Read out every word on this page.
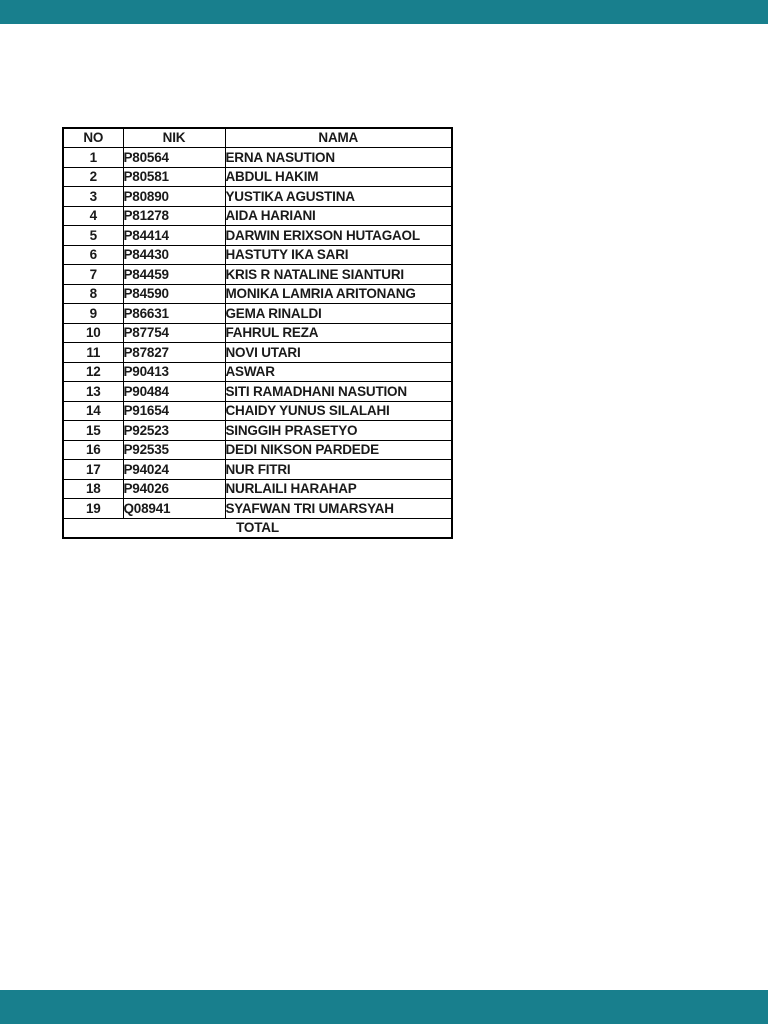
NO	NIK	NAMA
1	P80564	ERNA NASUTION
2	P80581	ABDUL HAKIM
3	P80890	YUSTIKA AGUSTINA
4	P81278	AIDA HARIANI
5	P84414	DARWIN ERIXSON HUTAGAOL
6	P84430	HASTUTY IKA SARI
7	P84459	KRIS R NATALINE SIANTURI
8	P84590	MONIKA LAMRIA ARITONANG
9	P86631	GEMA RINALDI
10	P87754	FAHRUL REZA
11	P87827	NOVI UTARI
12	P90413	ASWAR
13	P90484	SITI RAMADHANI NASUTION
14	P91654	CHAIDY YUNUS SILALAHI
15	P92523	SINGGIH PRASETYO
16	P92535	DEDI NIKSON PARDEDE
17	P94024	NUR FITRI
18	P94026	NURLAILI HARAHAP
19	Q08941	SYAFWAN TRI UMARSYAH
TOTAL		
